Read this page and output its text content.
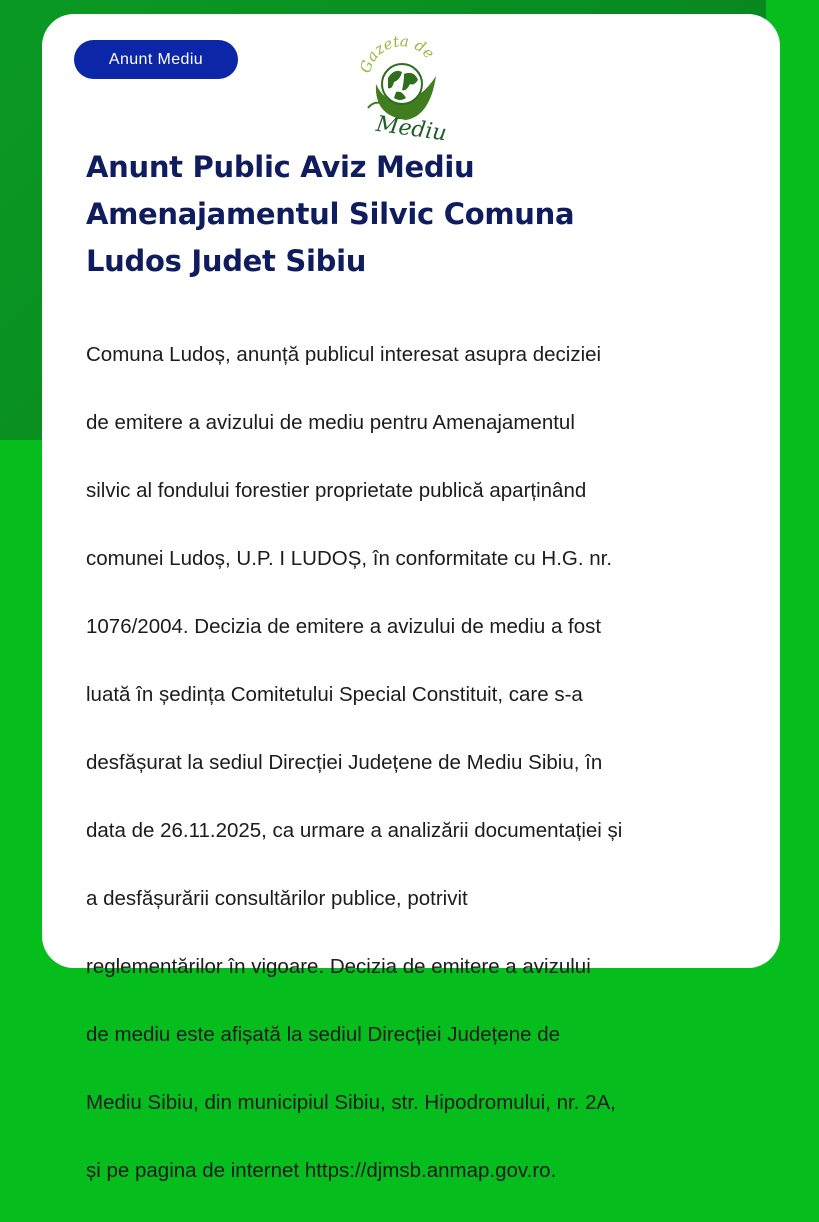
Anunt Mediu	Gazeta de
Mediu
Anunt Public Aviz Mediu
Amenajamentul Silvic Comuna
Ludos Judet Sibiu

Comuna Ludoș, anunță publicul interesat asupra deciziei

de emitere a avizului de mediu pentru Amenajamentul

silvic al fondului forestier proprietate publică aparținând

comunei Ludoș, U.P. I LUDOȘ, în conformitate cu H.G. nr.

1076/2004. Decizia de emitere a avizului de mediu a fost

luată în ședința Comitetului Special Constituit, care s-a

desfășurat la sediul Direcției Județene de Mediu Sibiu, în

data de 26.11.2025, ca urmare a analizării documentației și

a desfășurării consultărilor publice, potrivit

reglementărilor în vigoare. Decizia de emitere a avizului

de mediu este afișată la sediul Direcției Județene de

Mediu Sibiu, din municipiul Sibiu, str. Hipodromului, nr. 2A,

și pe pagina de internet https://djmsb.anmap.gov.ro.
